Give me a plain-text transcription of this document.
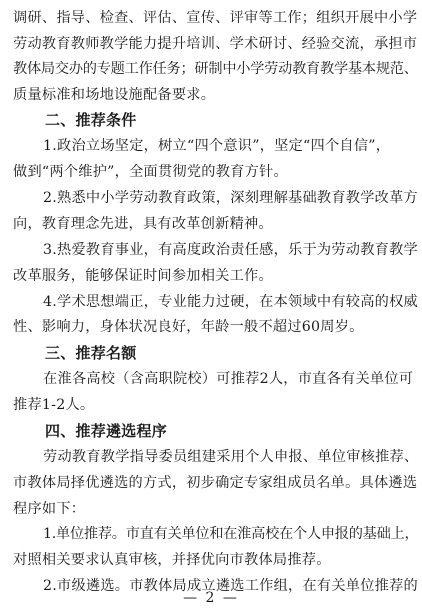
调研、指导、检查、评估、宣传、评审等工作；组织开展中小学

劳动教育教师教学能力提升培训、学术研讨、经验交流，承担市

教体局交办的专题工作任务；研制中小学劳动教育教学基本规范、

质量标准和场地设施配备要求。

二、推荐条件

1.政治立场坚定，树立“四个意识”，坚定“四个自信”，

做到“两个维护”，全面贯彻党的教育方针。

2.熟悉中小学劳动教育政策，深刻理解基础教育教学改革方

向，教育理念先进，具有改革创新精神。

3.热爱教育事业，有高度政治责任感，乐于为劳动教育教学

改革服务，能够保证时间参加相关工作。

4.学术思想端正，专业能力过硬，在本领域中有较高的权威

性、影响力，身体状况良好，年龄一般不超过60周岁。

三、推荐名额

在淮各高校（含高职院校）可推荐2人，市直各有关单位可

推荐1-2人。

四、推荐遴选程序

劳动教育教学指导委员组建采用个人申报、单位审核推荐、

市教体局择优遴选的方式，初步确定专家组成员名单。具体遴选

程序如下：

1.单位推荐。市直有关单位和在淮高校在个人申报的基础上，

对照相关要求认真审核，并择优向市教体局推荐。

2.市级遴选。市教体局成立遴选工作组，在有关单位推荐的

— 2 —
